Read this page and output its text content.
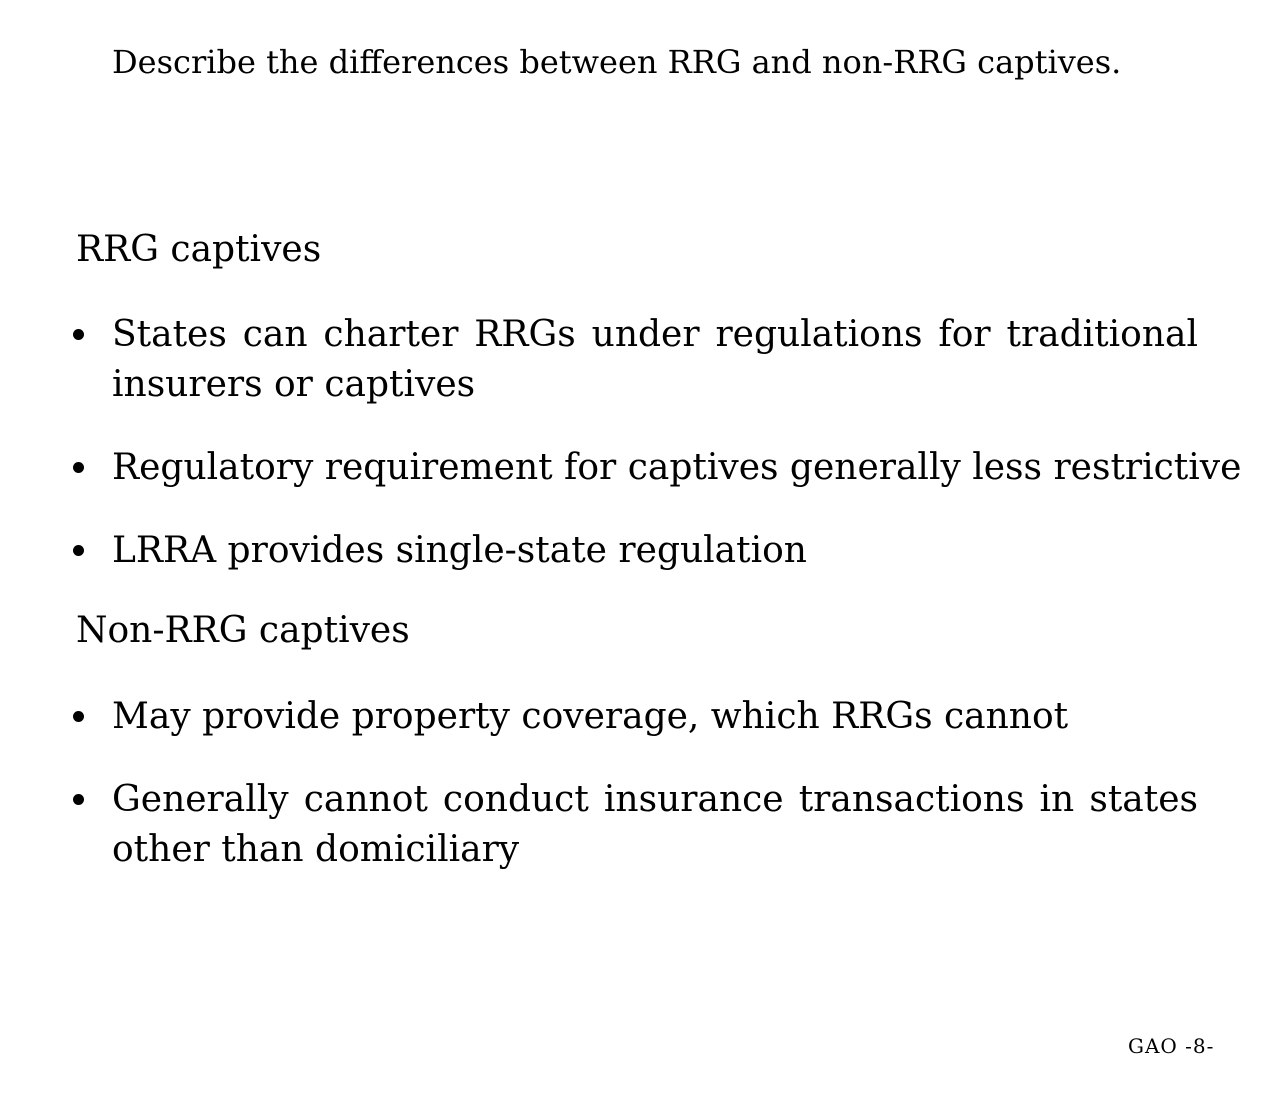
Describe the differences between RRG and non-RRG captives.
RRG captives
States can charter RRGs under regulations for traditional insurers or captives
Regulatory requirement for captives generally less restrictive
LRRA provides single-state regulation
Non-RRG captives
May provide property coverage, which RRGs cannot
Generally cannot conduct insurance transactions in states other than domiciliary
GAO -8-
